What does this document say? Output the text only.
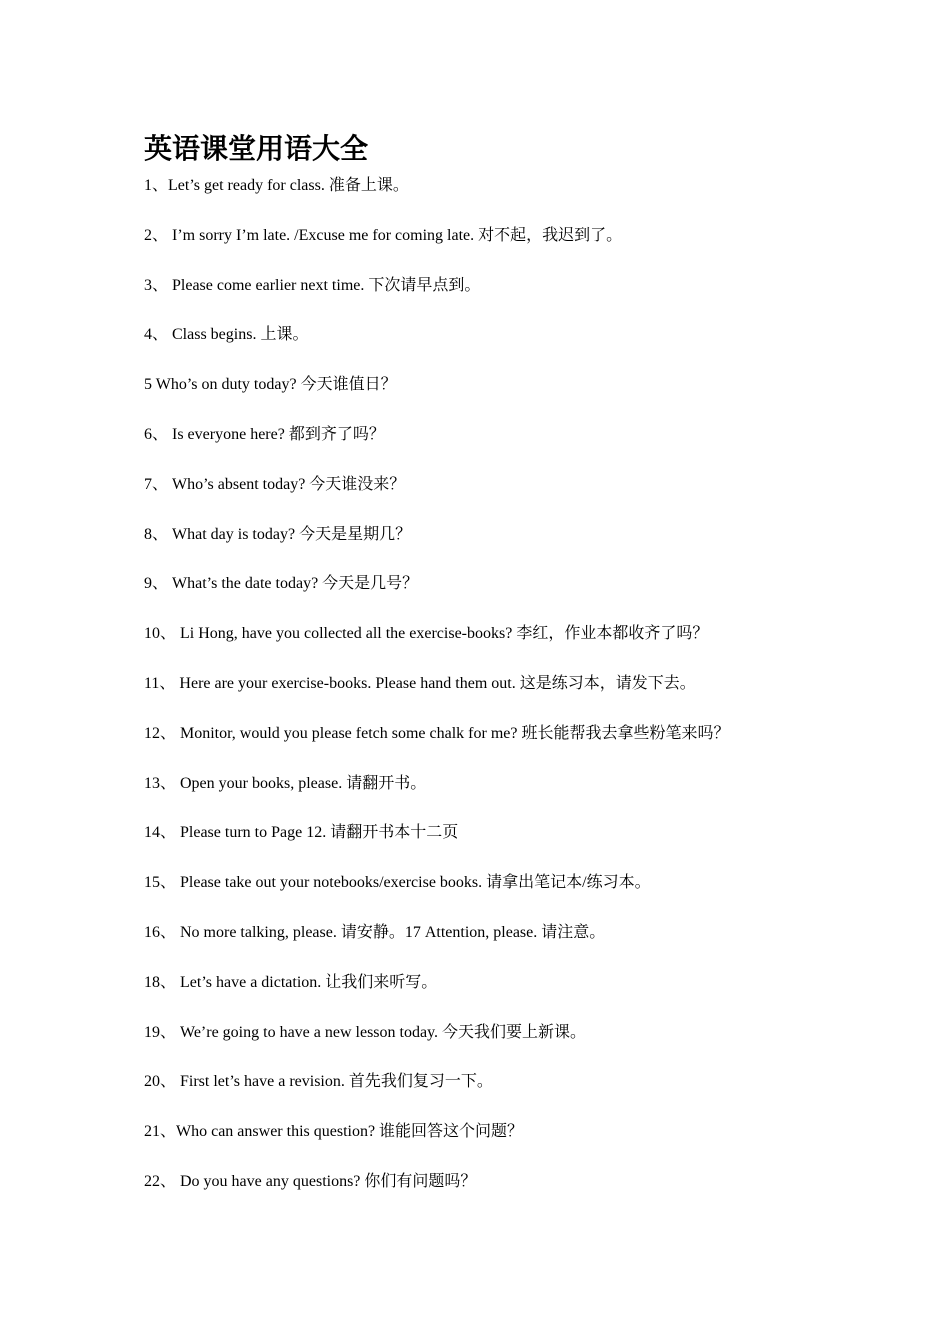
英语课堂用语大全
1、Let’s get ready for class. 准备上课。
2、 I’m sorry I’m late. /Excuse me for coming late. 对不起，我迟到了。
3、 Please come earlier next time. 下次请早点到。
4、 Class begins. 上课。
5 Who’s on duty today? 今天谁值日？
6、 Is everyone here? 都到齐了吗？
7、 Who’s absent today? 今天谁没来？
8、 What day is today? 今天是星期几？
9、 What’s the date today? 今天是几号？
10、 Li Hong, have you collected all the exercise-books? 李红，作业本都收齐了吗？
11、 Here are your exercise-books. Please hand them out. 这是练习本，请发下去。
12、 Monitor, would you please fetch some chalk for me? 班长能帮我去拿些粉笔来吗？
13、 Open your books, please. 请翻开书。
14、 Please turn to Page 12. 请翻开书本十二页
15、 Please take out your notebooks/exercise books. 请拿出笔记本/练习本。
16、 No more talking, please. 请安静。17 Attention, please. 请注意。
18、 Let’s have a dictation. 让我们来听写。
19、 We’re going to have a new lesson today. 今天我们要上新课。
20、 First let’s have a revision. 首先我们复习一下。
21、Who can answer this question? 谁能回答这个问题？
22、 Do you have any questions? 你们有问题吗？
